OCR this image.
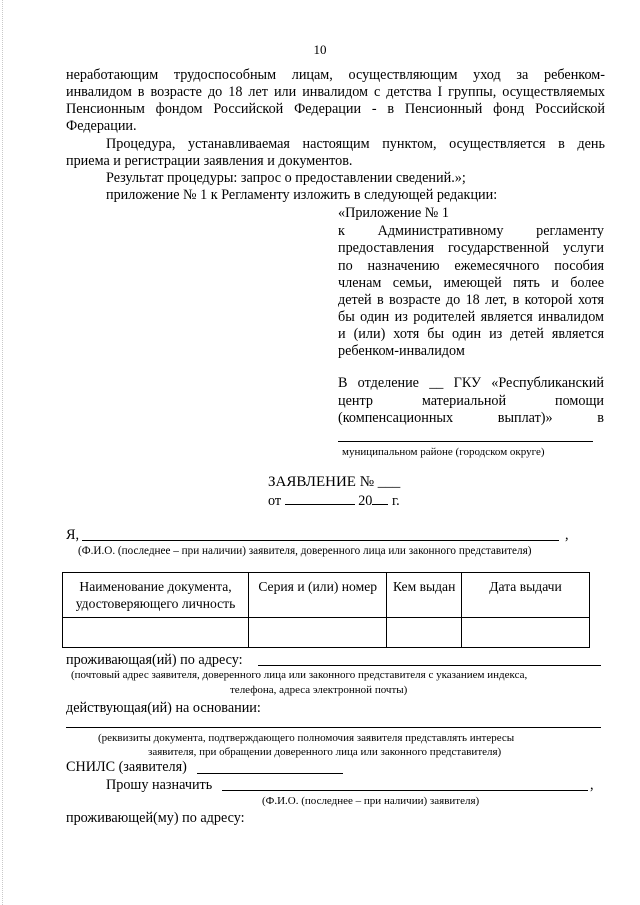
10
неработающим трудоспособным лицам, осуществляющим уход за ребенком-
инвалидом в возрасте до 18 лет или инвалидом с детства I группы, осуществляемых
Пенсионным фондом Российской Федерации - в Пенсионный фонд Российской
Федерации.
Процедура, устанавливаемая настоящим пунктом, осуществляется в день
приема и регистрации заявления и документов.
Результат процедуры: запрос о предоставлении сведений.»;
приложение № 1 к Регламенту изложить в следующей редакции:
«Приложение № 1
к Административному регламенту
предоставления государственной услуги
по назначению ежемесячного пособия
членам семьи, имеющей пять и более
детей в возрасте до 18 лет, в которой хотя
бы один из родителей является инвалидом
и (или) хотя бы один из детей является
ребенком-инвалидом
В отделение __ ГКУ «Республиканский
центр материальной помощи
(компенсационных выплат)» в
муниципальном районе (городском округе)
ЗАЯВЛЕНИЕ № ___
от	20 г.
Я,	,
(Ф.И.О. (последнее – при наличии) заявителя, доверенного лица или законного представителя)
Наименование документа, удостоверяющего личность	Серия и (или) номер	Кем выдан	Дата выдачи

проживающая(ий) по адресу:
(почтовый адрес заявителя, доверенного лица или законного представителя с указанием индекса,
телефона, адреса электронной почты)
действующая(ий) на основании:
(реквизиты документа, подтверждающего полномочия заявителя представлять интересы
заявителя, при обращении доверенного лица или законного представителя)
СНИЛС (заявителя)
Прошу назначить	,
(Ф.И.О. (последнее – при наличии) заявителя)
проживающей(му) по адресу:
